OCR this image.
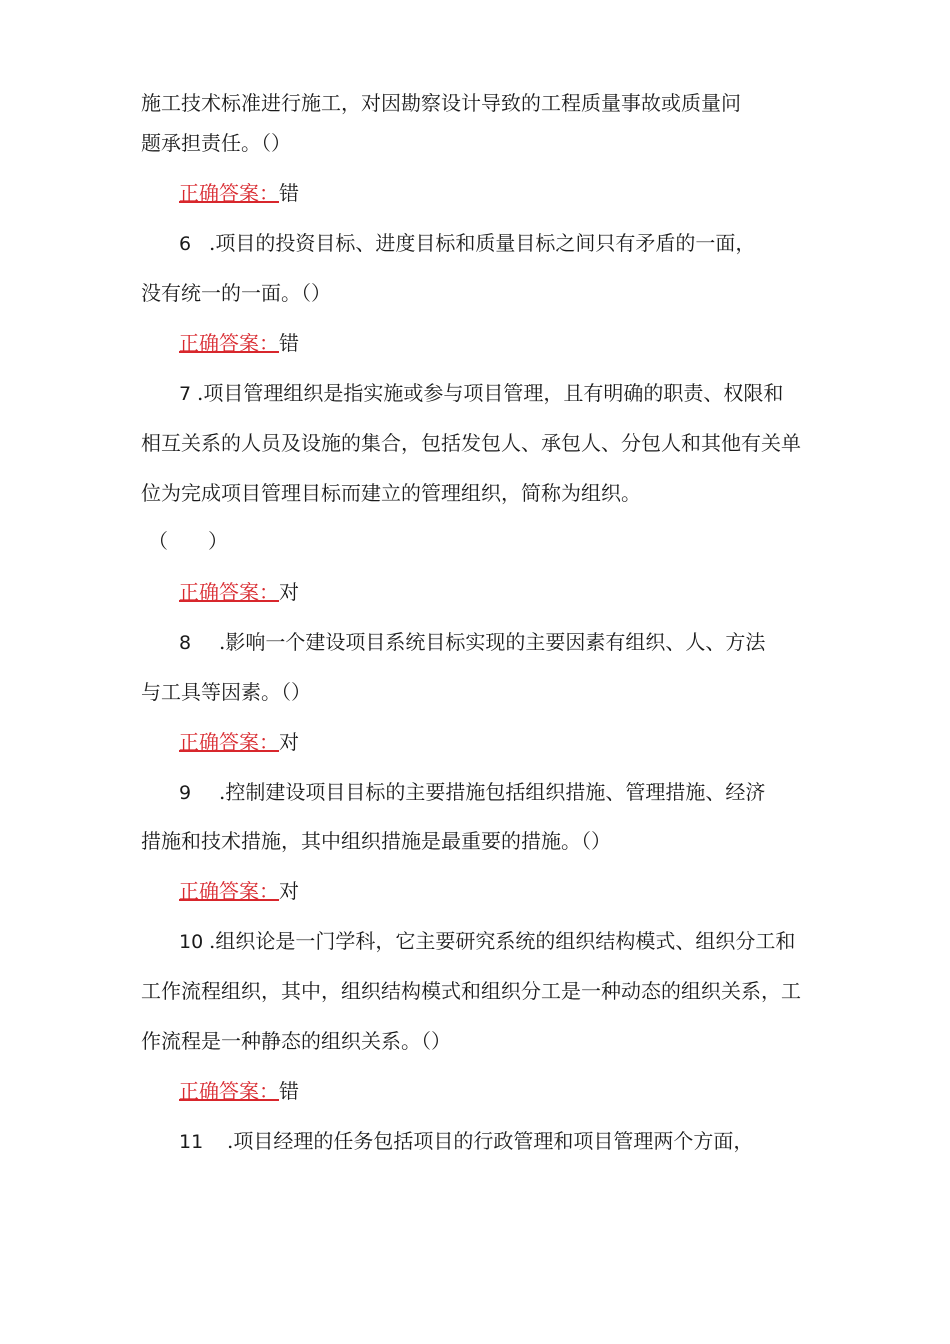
施工技术标准进行施工，对因勘察设计导致的工程质量事故或质量问
题承担责任。（）
正确答案：错
6 .项目的投资目标、进度目标和质量目标之间只有矛盾的一面，
没有统一的一面。（）
正确答案：错
7 .项目管理组织是指实施或参与项目管理，且有明确的职责、权限和
相互关系的人员及设施的集合，包括发包人、承包人、分包人和其他有关单
位为完成项目管理目标而建立的管理组织，简称为组织。
（　　）
正确答案：对
8 .影响一个建设项目系统目标实现的主要因素有组织、人、方法
与工具等因素。（）
正确答案：对
9 .控制建设项目目标的主要措施包括组织措施、管理措施、经济
措施和技术措施，其中组织措施是最重要的措施。（）
正确答案：对
10 .组织论是一门学科，它主要研究系统的组织结构模式、组织分工和
工作流程组织，其中，组织结构模式和组织分工是一种动态的组织关系，工
作流程是一种静态的组织关系。（）
正确答案：错
11 .项目经理的任务包括项目的行政管理和项目管理两个方面，
